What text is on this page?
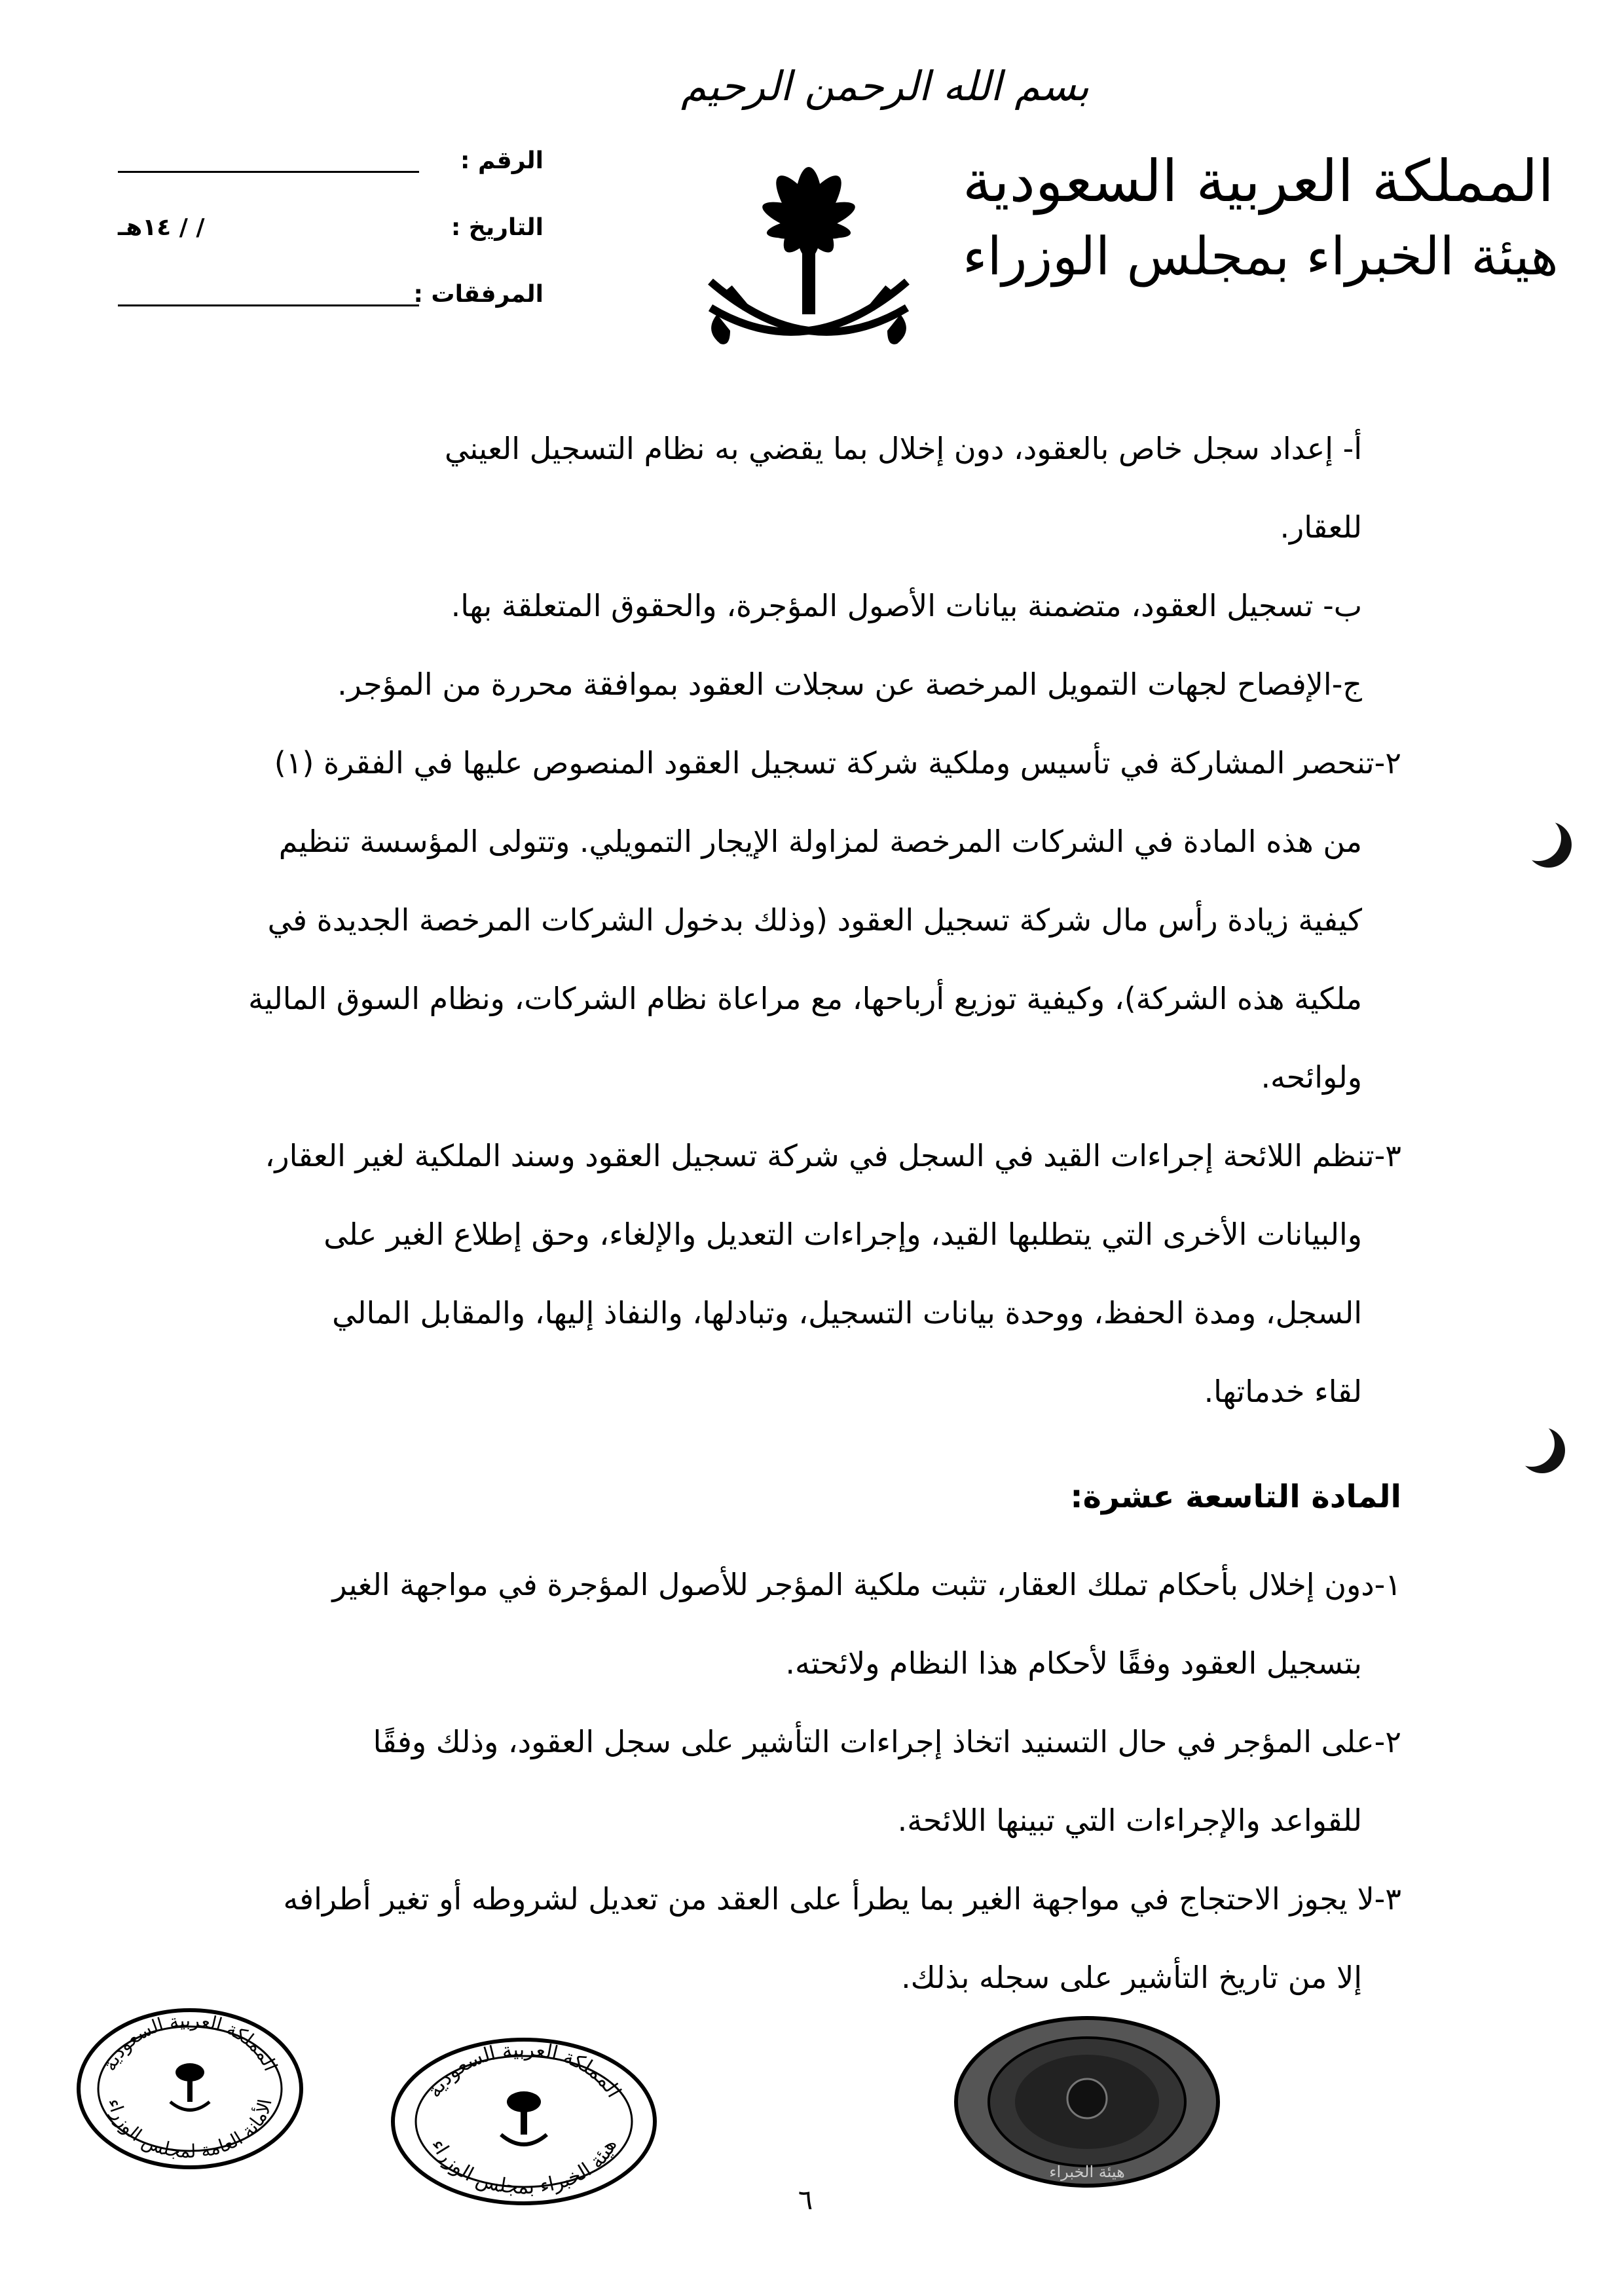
بسم الله الرحمن الرحيم
المملكة العربية السعودية
هيئة الخبراء بمجلس الوزراء
الرقم :
التاريخ :
/ / ١٤هـ
المرفقات :

أ- إعداد سجل خاص بالعقود، دون إخلال بما يقضي به نظام التسجيل العيني

للعقار.

ب- تسجيل العقود، متضمنة بيانات الأصول المؤجرة، والحقوق المتعلقة بها.

ج-الإفصاح لجهات التمويل المرخصة عن سجلات العقود بموافقة محررة من المؤجر.

٢-تنحصر المشاركة في تأسيس وملكية شركة تسجيل العقود المنصوص عليها في الفقرة (١)

من هذه المادة في الشركات المرخصة لمزاولة الإيجار التمويلي. وتتولى المؤسسة تنظيم

كيفية زيادة رأس مال شركة تسجيل العقود (وذلك بدخول الشركات المرخصة الجديدة في

ملكية هذه الشركة)، وكيفية توزيع أرباحها، مع مراعاة نظام الشركات، ونظام السوق المالية

ولوائحه.

٣-تنظم اللائحة إجراءات القيد في السجل في شركة تسجيل العقود وسند الملكية لغير العقار،

والبيانات الأخرى التي يتطلبها القيد، وإجراءات التعديل والإلغاء، وحق إطلاع الغير على

السجل، ومدة الحفظ، ووحدة بيانات التسجيل، وتبادلها، والنفاذ إليها، والمقابل المالي

لقاء خدماتها.

المادة التاسعة عشرة:

١-دون إخلال بأحكام تملك العقار، تثبت ملكية المؤجر للأصول المؤجرة في مواجهة الغير

بتسجيل العقود وفقًا لأحكام هذا النظام ولائحته.

٢-على المؤجر في حال التسنيد اتخاذ إجراءات التأشير على سجل العقود، وذلك وفقًا

للقواعد والإجراءات التي تبينها اللائحة.

٣-لا يجوز الاحتجاج في مواجهة الغير بما يطرأ على العقد من تعديل لشروطه أو تغير أطرافه

إلا من تاريخ التأشير على سجله بذلك.

المملكة العربية السعودية
الأمانة العامة لمجلس الوزراء
المملكة العربية السعودية
هيئة الخبراء بمجلس الوزراء
هيئة الخبراء
٦
